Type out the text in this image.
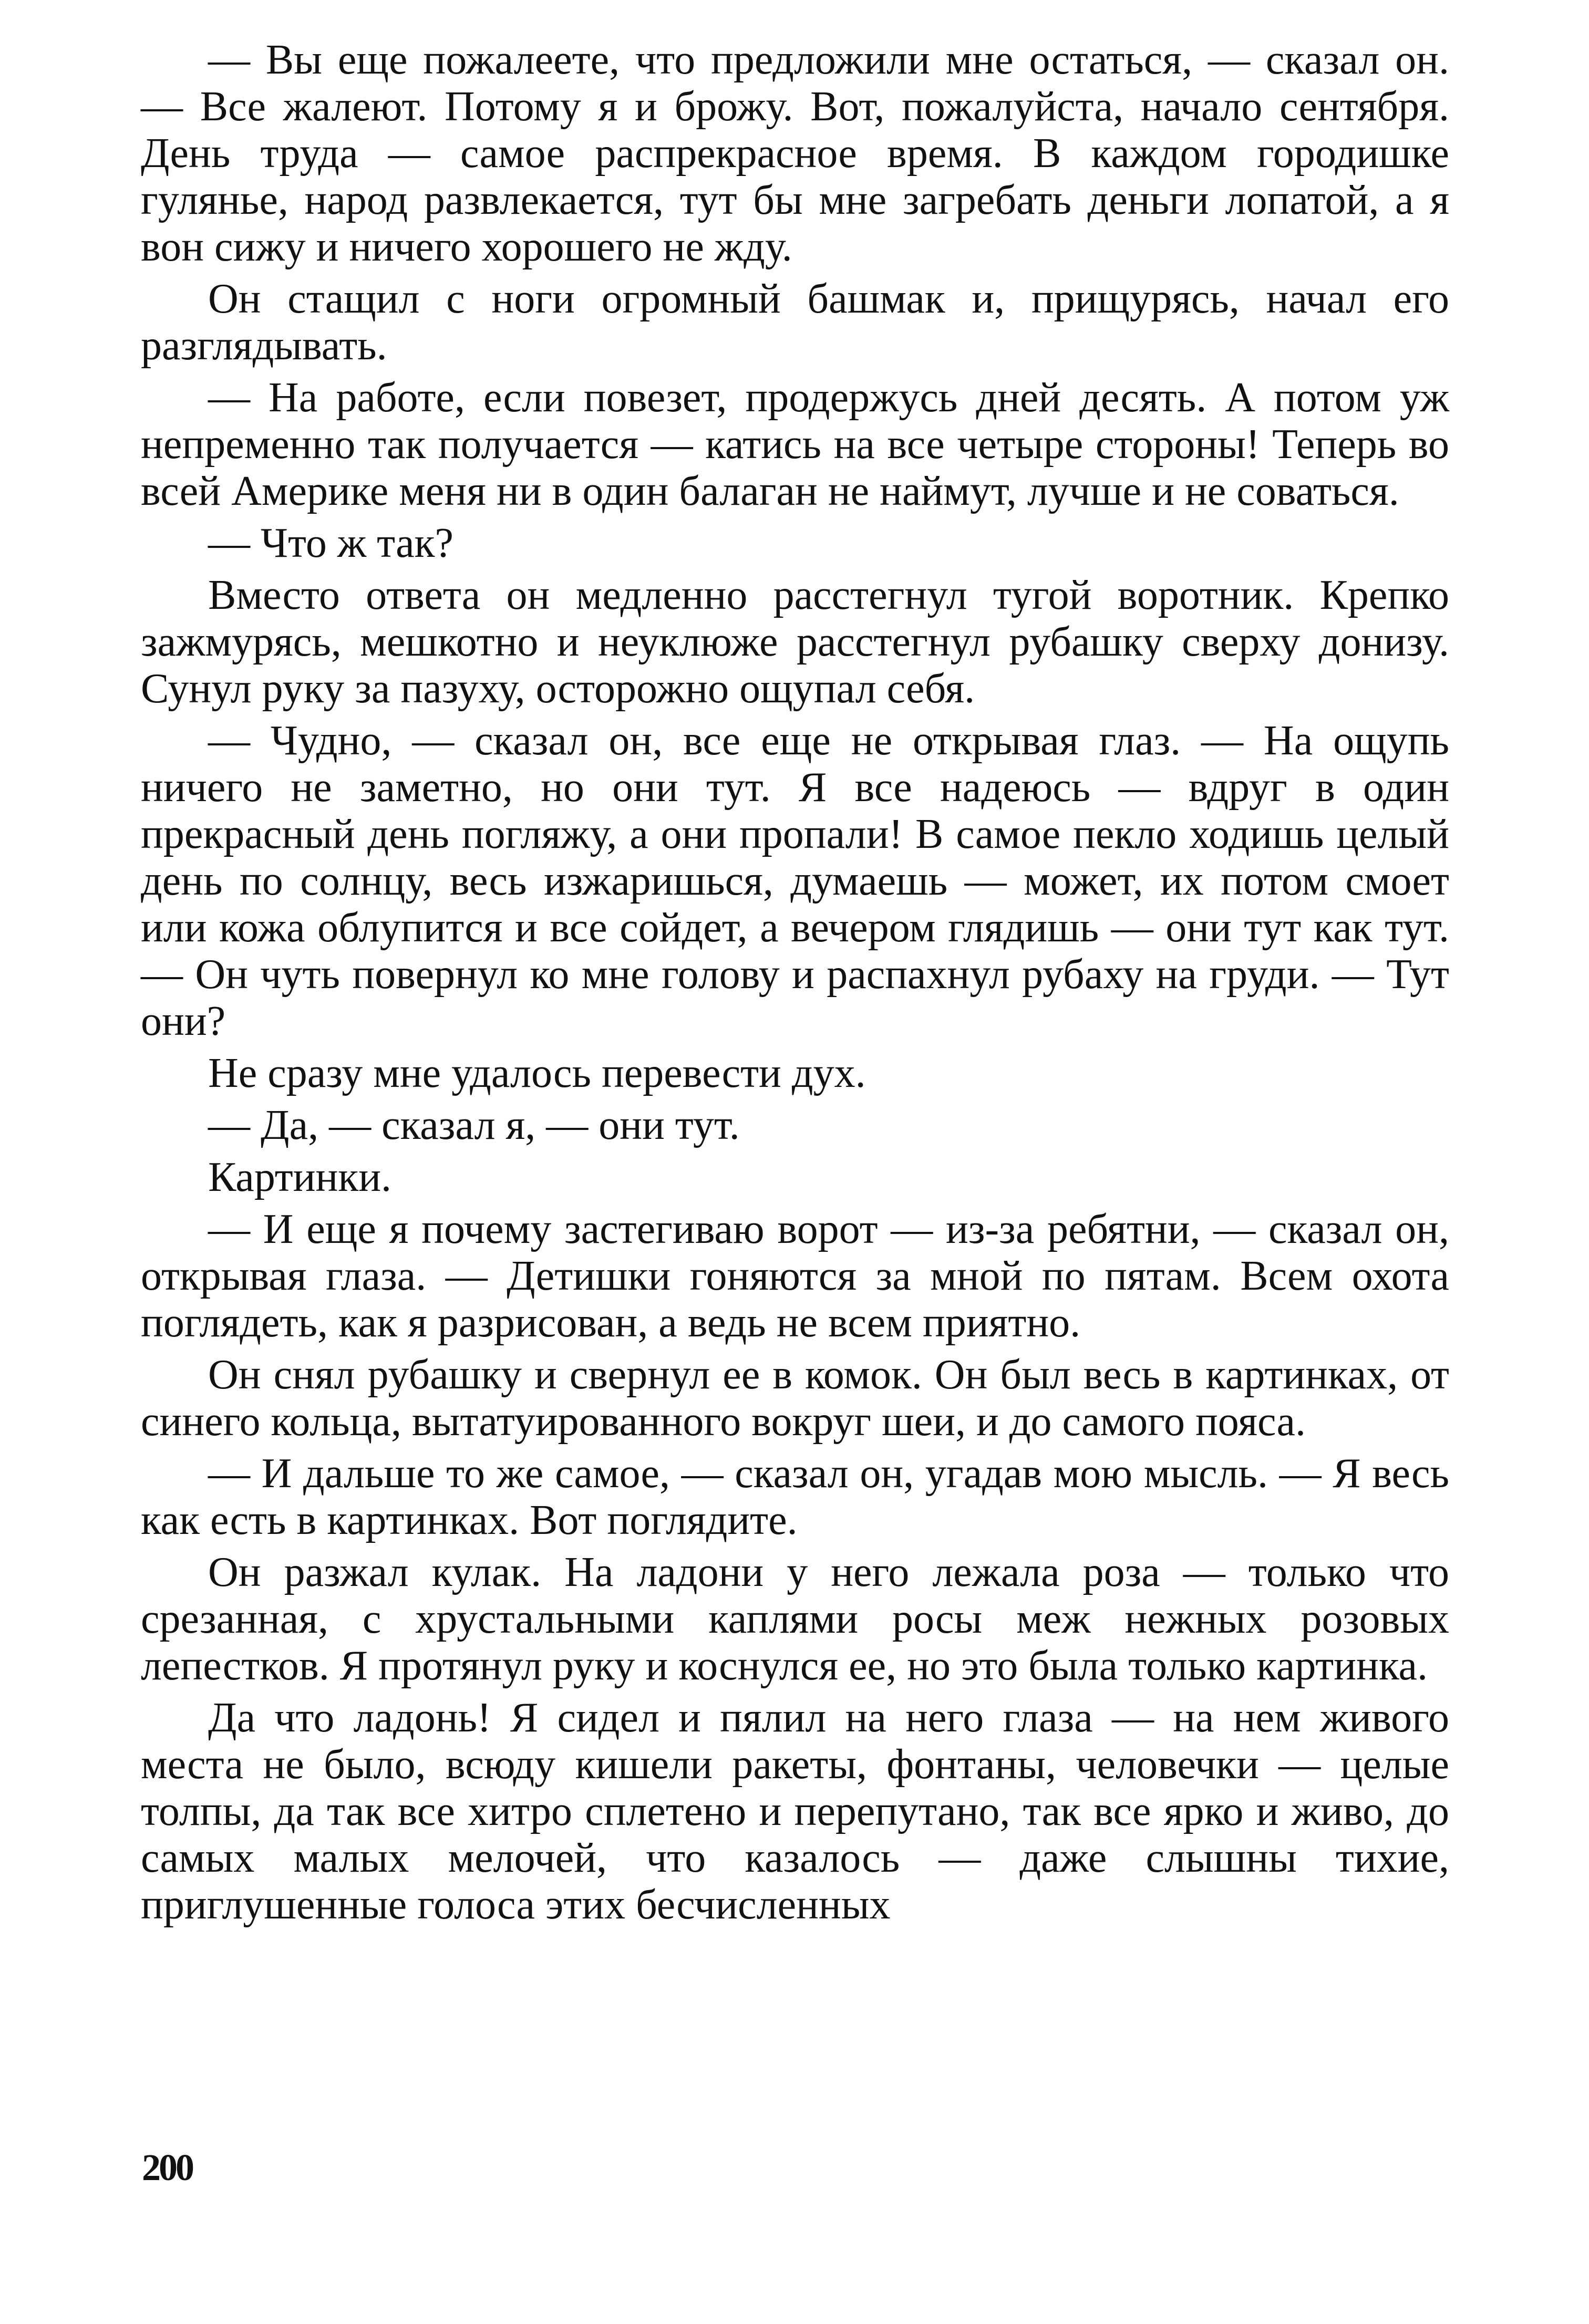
— Вы еще пожалеете, что предложили мне остаться, — сказал он. — Все жалеют. Потому я и брожу. Вот, пожалуйста, начало сентября. День труда — самое распрекрасное время. В каждом городишке гулянье, народ развлекается, тут бы мне загребать деньги лопатой, а я вон сижу и ничего хорошего не жду.

Он стащил с ноги огромный башмак и, прищурясь, начал его разглядывать.

— На работе, если повезет, продержусь дней десять. А потом уж непременно так получается — катись на все четыре стороны! Теперь во всей Америке меня ни в один балаган не наймут, лучше и не соваться.

— Что ж так?

Вместо ответа он медленно расстегнул тугой воротник. Крепко зажмурясь, мешкотно и неуклюже расстегнул рубашку сверху донизу. Сунул руку за пазуху, осторожно ощупал себя.

— Чудно, — сказал он, все еще не открывая глаз. — На ощупь ничего не заметно, но они тут. Я все надеюсь — вдруг в один прекрасный день погляжу, а они пропали! В самое пекло ходишь целый день по солнцу, весь изжаришься, думаешь — может, их потом смоет или кожа облупится и все сойдет, а вечером глядишь — они тут как тут. — Он чуть повернул ко мне голову и распахнул рубаху на груди. — Тут они?

Не сразу мне удалось перевести дух.

— Да, — сказал я, — они тут.

Картинки.

— И еще я почему застегиваю ворот — из-за ребятни, — сказал он, открывая глаза. — Детишки гоняются за мной по пятам. Всем охота поглядеть, как я разрисован, а ведь не всем приятно.

Он снял рубашку и свернул ее в комок. Он был весь в картинках, от синего кольца, вытатуированного вокруг шеи, и до самого пояса.

— И дальше то же самое, — сказал он, угадав мою мысль. — Я весь как есть в картинках. Вот поглядите.

Он разжал кулак. На ладони у него лежала роза — только что срезанная, с хрустальными каплями росы меж нежных розовых лепестков. Я протянул руку и коснулся ее, но это была только картинка.

Да что ладонь! Я сидел и пялил на него глаза — на нем живого места не было, всюду кишели ракеты, фонтаны, человечки — целые толпы, да так все хитро сплетено и перепутано, так все ярко и живо, до самых малых мелочей, что казалось — даже слышны тихие, приглушенные голоса этих бесчисленных

200
